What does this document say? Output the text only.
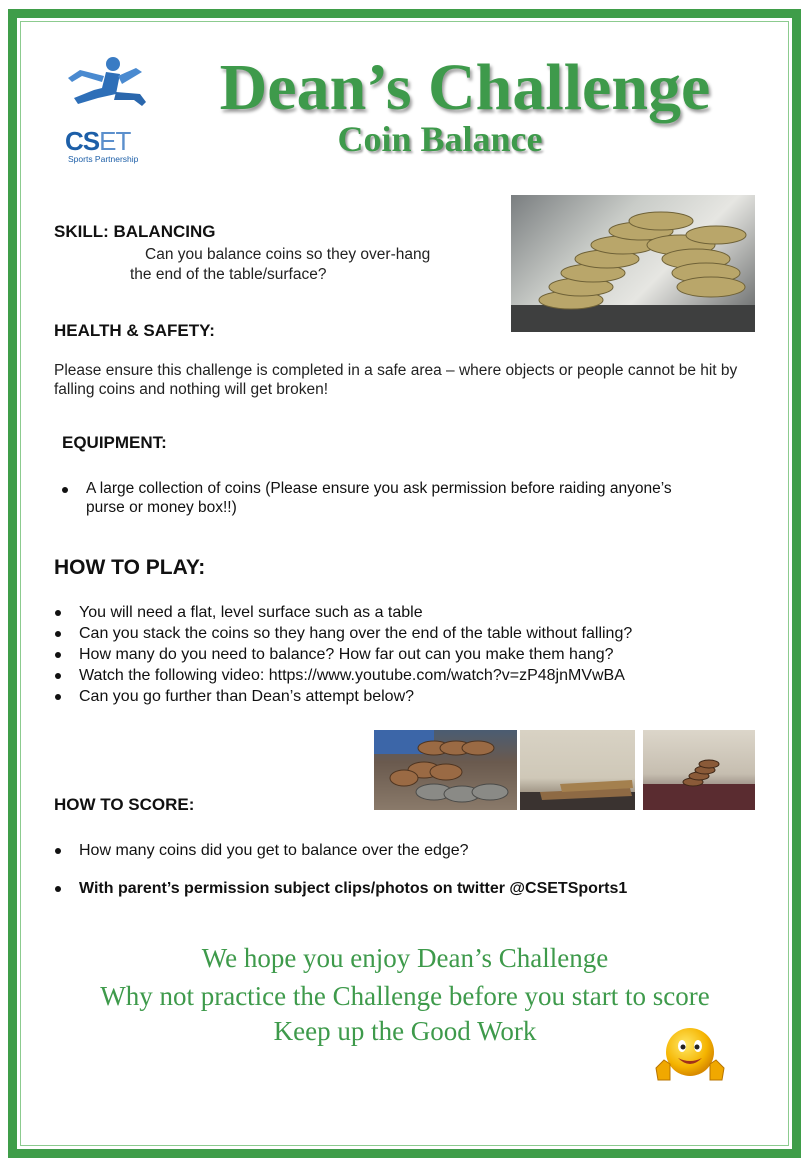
CSET
Sports Partnership
Dean’s Challenge
Coin Balance
SKILL: BALANCING
Can you balance coins so they over-hang
the end of the table/surface?
HEALTH & SAFETY:
Please ensure this challenge is completed in a safe area – where objects or people cannot be hit by falling coins and nothing will get broken!
EQUIPMENT:
A large collection of coins (Please ensure you ask permission before raiding anyone’s purse or money box!!)
HOW TO PLAY:
You will need a flat, level surface such as a table
Can you stack the coins so they hang over the end of the table without falling?
How many do you need to balance? How far out can you make them hang?
Watch the following video: https://www.youtube.com/watch?v=zP48jnMVwBA
Can you go further than Dean’s attempt below?
HOW TO SCORE:
How many coins did you get to balance over the edge?
With parent’s permission subject clips/photos on twitter @CSETSports1
We hope you enjoy Dean’s Challenge
Why not practice the Challenge before you start to score
Keep up the Good Work
